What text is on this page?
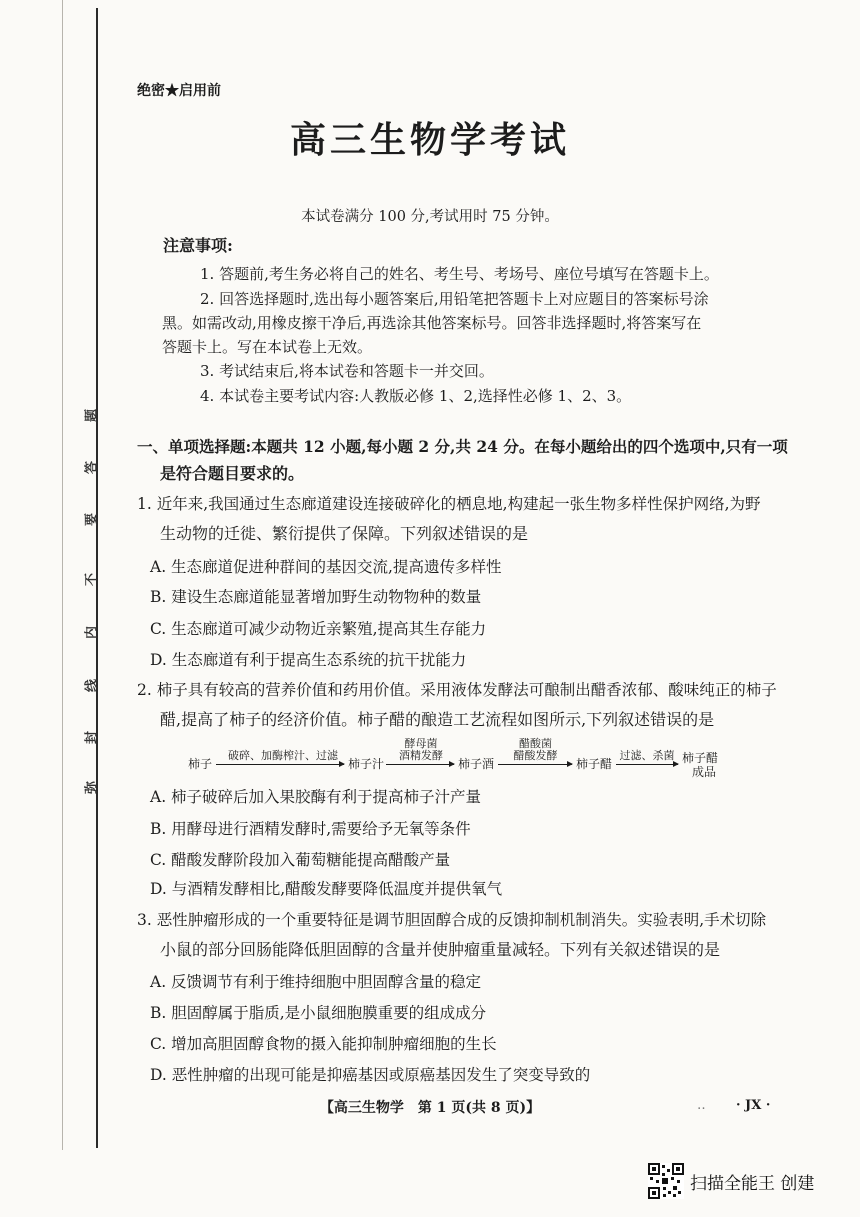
弥
封
线
内
不
要
答
题
绝密★启用前
高三生物学考试
本试卷满分 100 分,考试用时 75 分钟。
注意事项:
1. 答题前,考生务必将自己的姓名、考生号、考场号、座位号填写在答题卡上。
2. 回答选择题时,选出每小题答案后,用铅笔把答题卡上对应题目的答案标号涂
黑。如需改动,用橡皮擦干净后,再选涂其他答案标号。回答非选择题时,将答案写在
答题卡上。写在本试卷上无效。
3. 考试结束后,将本试卷和答题卡一并交回。
4. 本试卷主要考试内容:人教版必修 1、2,选择性必修 1、2、3。
一、单项选择题:本题共 12 小题,每小题 2 分,共 24 分。在每小题给出的四个选项中,只有一项
是符合题目要求的。
1. 近年来,我国通过生态廊道建设连接破碎化的栖息地,构建起一张生物多样性保护网络,为野
生动物的迁徙、繁衍提供了保障。下列叙述错误的是
A. 生态廊道促进种群间的基因交流,提高遗传多样性
B. 建设生态廊道能显著增加野生动物物种的数量
C. 生态廊道可减少动物近亲繁殖,提高其生存能力
D. 生态廊道有利于提高生态系统的抗干扰能力
2. 柿子具有较高的营养价值和药用价值。采用液体发酵法可酿制出醋香浓郁、酸味纯正的柿子
醋,提高了柿子的经济价值。柿子醋的酿造工艺流程如图所示,下列叙述错误的是
柿子
破碎、加酶榨汁、过滤
柿子汁
酵母菌
酒精发酵
柿子酒
醋酸菌
醋酸发酵
柿子醋
过滤、杀菌 柿子醋
成品
A. 柿子破碎后加入果胶酶有利于提高柿子汁产量
B. 用酵母进行酒精发酵时,需要给予无氧等条件
C. 醋酸发酵阶段加入葡萄糖能提高醋酸产量
D. 与酒精发酵相比,醋酸发酵要降低温度并提供氧气
3. 恶性肿瘤形成的一个重要特征是调节胆固醇合成的反馈抑制机制消失。实验表明,手术切除
小鼠的部分回肠能降低胆固醇的含量并使肿瘤重量减轻。下列有关叙述错误的是
A. 反馈调节有利于维持细胞中胆固醇含量的稳定
B. 胆固醇属于脂质,是小鼠细胞膜重要的组成成分
C. 增加高胆固醇食物的摄入能抑制肿瘤细胞的生长
D. 恶性肿瘤的出现可能是抑癌基因或原癌基因发生了突变导致的
【高三生物学　第 1 页(共 8 页)】	‥ · JX ·
扫描全能王 创建
